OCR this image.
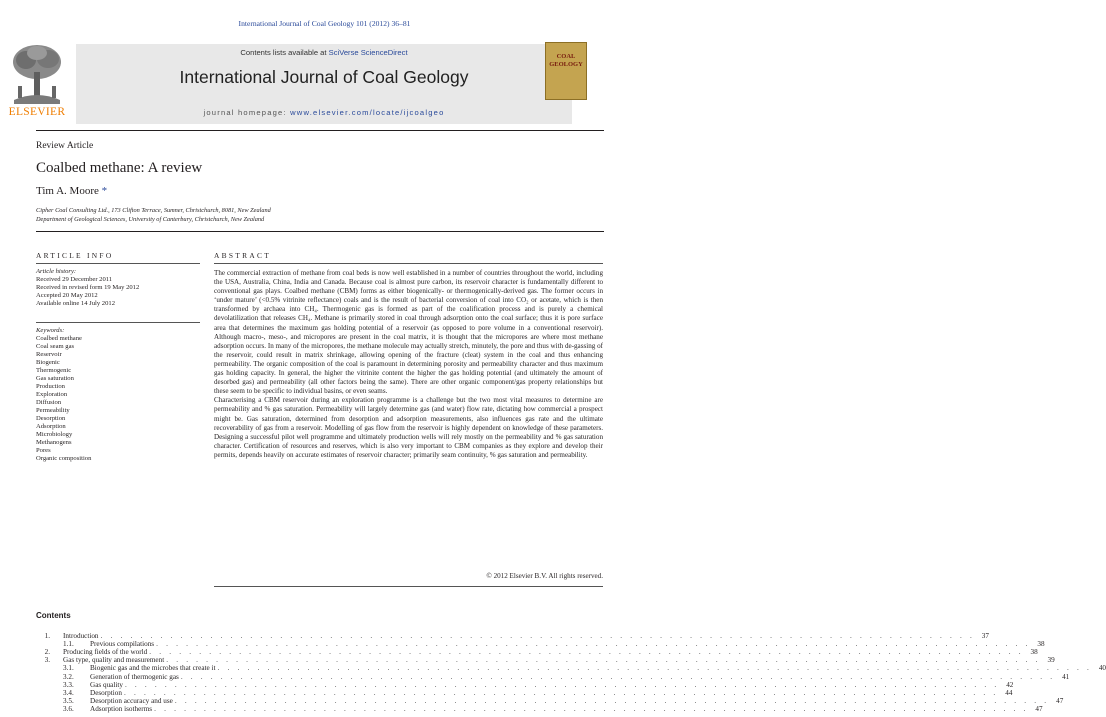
International Journal of Coal Geology 101 (2012) 36–81
ELSEVIER
Contents lists available at SciVerse ScienceDirect
International Journal of Coal Geology
journal homepage: www.elsevier.com/locate/ijcoalgeo
COAL GEOLOGY
Review Article
Coalbed methane: A review
Tim A. Moore *
Cipher Coal Consulting Ltd., 173 Clifton Terrace, Sumner, Christchurch, 8081, New Zealand
Department of Geological Sciences, University of Canterbury, Christchurch, New Zealand
ARTICLE INFO
Article history:
Received 29 December 2011
Received in revised form 19 May 2012
Accepted 20 May 2012
Available online 14 July 2012
Keywords:
Coalbed methane
Coal seam gas
Reservoir
Biogenic
Thermogenic
Gas saturation
Production
Exploration
Diffusion
Permeability
Desorption
Adsorption
Microbiology
Methanogens
Pores
Organic composition
ABSTRACT

The commercial extraction of methane from coal beds is now well established in a number of countries throughout the world, including the USA, Australia, China, India and Canada. Because coal is almost pure carbon, its reservoir character is fundamentally different to conventional gas plays. Coalbed methane (CBM) forms as either biogenically- or thermogenically-derived gas. The former occurs in ‘under mature’ (<0.5% vitrinite reflectance) coals and is the result of bacterial conversion of coal into CO₂ or acetate, which is then transformed by archaea into CH₄. Thermogenic gas is formed as part of the coalification process and is purely a chemical devolatilization that releases CH₄. Methane is primarily stored in coal through adsorption onto the coal surface; thus it is pore surface area that determines the maximum gas holding potential of a reservoir (as opposed to pore volume in a conventional reservoir). Although macro-, meso-, and micropores are present in the coal matrix, it is thought that the micropores are where most methane adsorption occurs. In many of the micropores, the methane molecule may actually stretch, minutely, the pore and thus with de-gassing of the reservoir, could result in matrix shrinkage, allowing opening of the fracture (cleat) system in the coal and thus enhancing permeability. The organic composition of the coal is paramount in determining porosity and permeability character and thus maximum gas holding capacity. In general, the higher the vitrinite content the higher the gas holding potential (and ultimately the amount of desorbed gas) and permeability (all other factors being the same). There are other organic component/gas property relationships but these seem to be specific to individual basins, or even seams.

Characterising a CBM reservoir during an exploration programme is a challenge but the two most vital measures to determine are permeability and % gas saturation. Permeability will largely determine gas (and water) flow rate, dictating how commercial a prospect might be. Gas saturation, determined from desorption and adsorption measurements, also influences gas rate and the ultimate recoverability of gas from a reservoir. Modelling of gas flow from the reservoir is highly dependent on knowledge of these parameters. Designing a successful pilot well programme and ultimately production wells will rely mostly on the permeability and % gas saturation character. Certification of resources and reserves, which is also very important to CBM companies as they explore and develop their permits, depends heavily on accurate estimates of reservoir character; primarily seam continuity, % gas saturation and permeability.

© 2012 Elsevier B.V. All rights reserved.
Contents
1.	Introduction . . . . . . . . . . . . . . . . . . . . . . . . . . . . . . . . . . . . . . . . . . . . . . . . . . . . . . . . . . . . . . . . . . . . . . . . . . . . . . . . . . . . . . . . 37
1.1.	Previous compilations . . . . . . . . . . . . . . . . . . . . . . . . . . . . . . . . . . . . . . . . . . . . . . . . . . . . . . . . . . . . . . . . . . . . . . . . . . . . . . . . . . . . . . . . 38
2.	Producing fields of the world . . . . . . . . . . . . . . . . . . . . . . . . . . . . . . . . . . . . . . . . . . . . . . . . . . . . . . . . . . . . . . . . . . . . . . . . . . . . . . . . . . . . . . . . 38
3.	Gas type, quality and measurement . . . . . . . . . . . . . . . . . . . . . . . . . . . . . . . . . . . . . . . . . . . . . . . . . . . . . . . . . . . . . . . . . . . . . . . . . . . . . . . . . . . . . . . . 39
3.1.	Biogenic gas and the microbes that create it . . . . . . . . . . . . . . . . . . . . . . . . . . . . . . . . . . . . . . . . . . . . . . . . . . . . . . . . . . . . . . . . . . . . . . . . . . . . . . . . . . . . . . . . 40
3.2.	Generation of thermogenic gas . . . . . . . . . . . . . . . . . . . . . . . . . . . . . . . . . . . . . . . . . . . . . . . . . . . . . . . . . . . . . . . . . . . . . . . . . . . . . . . . . . . . . . . . 41
3.3.	Gas quality . . . . . . . . . . . . . . . . . . . . . . . . . . . . . . . . . . . . . . . . . . . . . . . . . . . . . . . . . . . . . . . . . . . . . . . . . . . . . . . . . . . . . . . . 42
3.4.	Desorption . . . . . . . . . . . . . . . . . . . . . . . . . . . . . . . . . . . . . . . . . . . . . . . . . . . . . . . . . . . . . . . . . . . . . . . . . . . . . . . . . . . . . . . . 44
3.5.	Desorption accuracy and use . . . . . . . . . . . . . . . . . . . . . . . . . . . . . . . . . . . . . . . . . . . . . . . . . . . . . . . . . . . . . . . . . . . . . . . . . . . . . . . . . . . . . . . . 47
3.6.	Adsorption isotherms . . . . . . . . . . . . . . . . . . . . . . . . . . . . . . . . . . . . . . . . . . . . . . . . . . . . . . . . . . . . . . . . . . . . . . . . . . . . . . . . . . . . . . . . 47
